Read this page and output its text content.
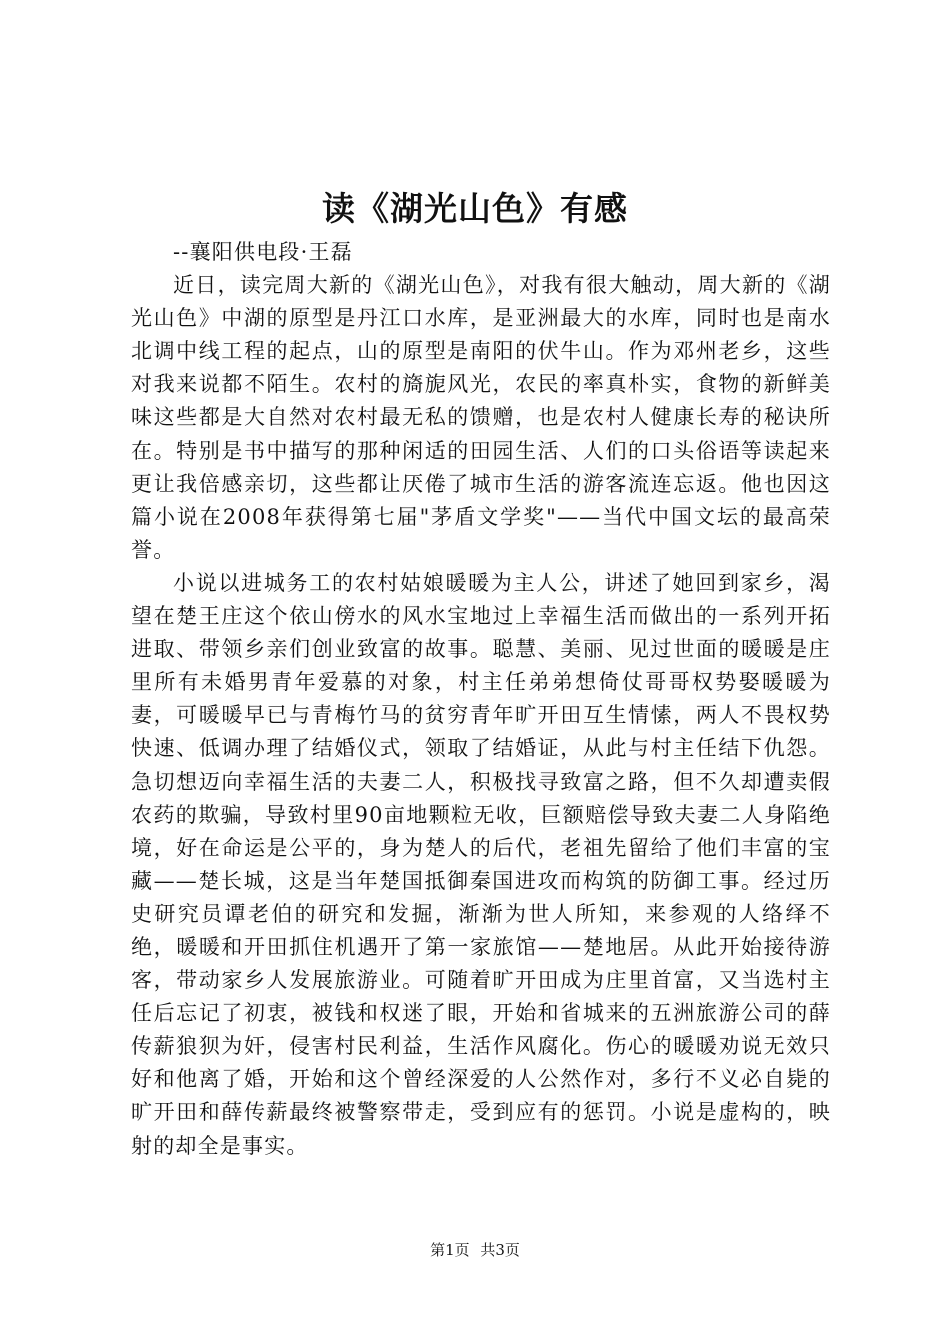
读《湖光山色》有感

--襄阳供电段·王磊

近日，读完周大新的《湖光山色》，对我有很大触动，周大新的《湖光山色》中湖的原型是丹江口水库，是亚洲最大的水库，同时也是南水北调中线工程的起点，山的原型是南阳的伏牛山。作为邓州老乡，这些对我来说都不陌生。农村的旖旎风光，农民的率真朴实，食物的新鲜美味这些都是大自然对农村最无私的馈赠，也是农村人健康长寿的秘诀所在。特别是书中描写的那种闲适的田园生活、人们的口头俗语等读起来更让我倍感亲切，这些都让厌倦了城市生活的游客流连忘返。他也因这篇小说在2008年获得第七届"茅盾文学奖"——当代中国文坛的最高荣誉。

小说以进城务工的农村姑娘暖暖为主人公，讲述了她回到家乡，渴望在楚王庄这个依山傍水的风水宝地过上幸福生活而做出的一系列开拓进取、带领乡亲们创业致富的故事。聪慧、美丽、见过世面的暖暖是庄里所有未婚男青年爱慕的对象，村主任弟弟想倚仗哥哥权势娶暖暖为妻，可暖暖早已与青梅竹马的贫穷青年旷开田互生情愫，两人不畏权势快速、低调办理了结婚仪式，领取了结婚证，从此与村主任结下仇怨。急切想迈向幸福生活的夫妻二人，积极找寻致富之路，但不久却遭卖假农药的欺骗，导致村里90亩地颗粒无收，巨额赔偿导致夫妻二人身陷绝境，好在命运是公平的，身为楚人的后代，老祖先留给了他们丰富的宝藏——楚长城，这是当年楚国抵御秦国进攻而构筑的防御工事。经过历史研究员谭老伯的研究和发掘，渐渐为世人所知，来参观的人络绎不绝，暖暖和开田抓住机遇开了第一家旅馆——楚地居。从此开始接待游客，带动家乡人发展旅游业。可随着旷开田成为庄里首富，又当选村主任后忘记了初衷，被钱和权迷了眼，开始和省城来的五洲旅游公司的薛传薪狼狈为奸，侵害村民利益，生活作风腐化。伤心的暖暖劝说无效只好和他离了婚，开始和这个曾经深爱的人公然作对，多行不义必自毙的旷开田和薛传薪最终被警察带走，受到应有的惩罚。小说是虚构的，映射的却全是事实。

第1页 共3页
